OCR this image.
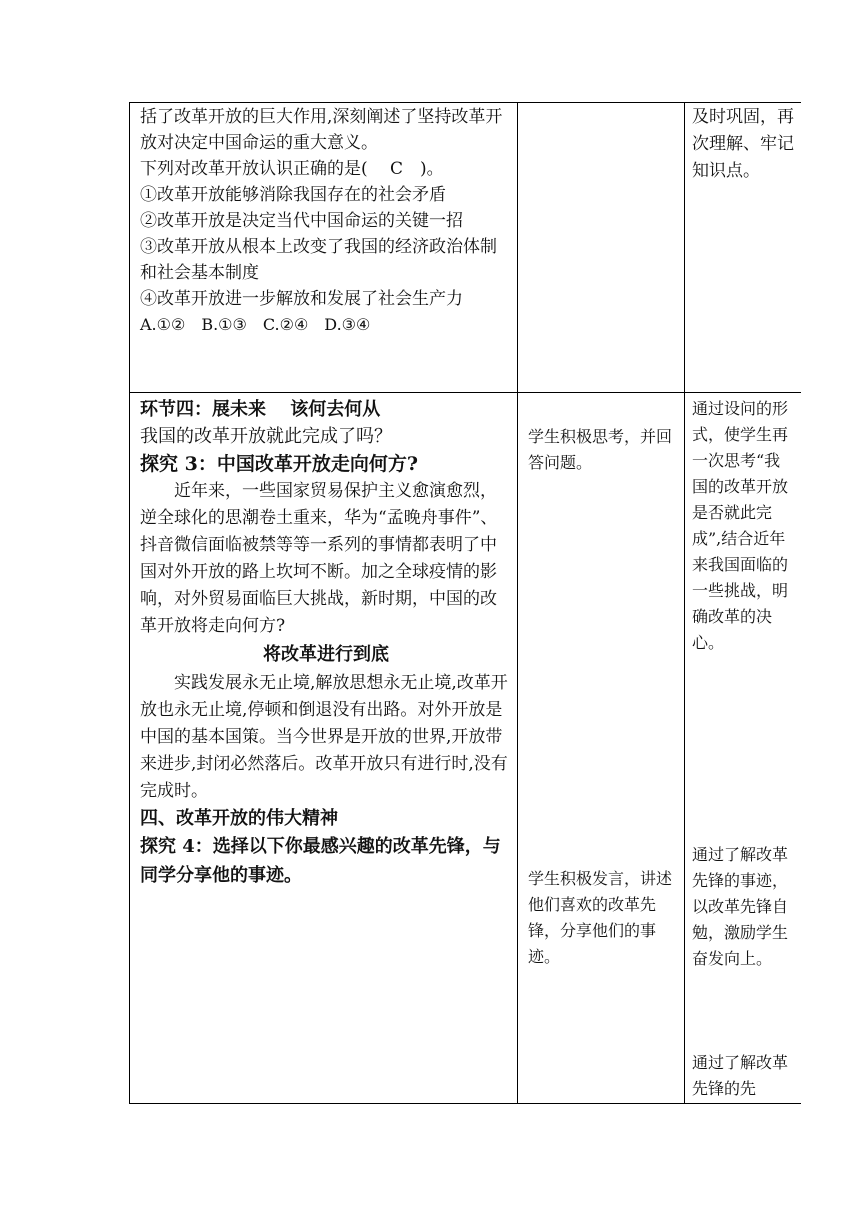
括了改革开放的巨大作用,深刻阐述了坚持改革开放对决定中国命运的重大意义。

下列对改革开放认识正确的是(　 C　)。

①改革开放能够消除我国存在的社会矛盾

②改革开放是决定当代中国命运的关键一招

③改革开放从根本上改变了我国的经济政治体制和社会基本制度

④改革开放进一步解放和发展了社会生产力

A.①②　B.①③　C.②④　D.③④

及时巩固，再次理解、牢记知识点。

环节四：展未来　 该何去何从

我国的改革开放就此完成了吗？

探究 3：中国改革开放走向何方?

近年来，一些国家贸易保护主义愈演愈烈，逆全球化的思潮卷土重来，华为“孟晚舟事件”、抖音微信面临被禁等等一系列的事情都表明了中国对外开放的路上坎坷不断。加之全球疫情的影响，对外贸易面临巨大挑战，新时期，中国的改革开放将走向何方?

将改革进行到底

实践发展永无止境,解放思想永无止境,改革开放也永无止境,停顿和倒退没有出路。对外开放是中国的基本国策。当今世界是开放的世界,开放带来进步,封闭必然落后。改革开放只有进行时,没有完成时。

四、改革开放的伟大精神

探究 4：选择以下你最感兴趣的改革先锋，与同学分享他的事迹。

学生积极思考，并回答问题。

学生积极发言，讲述他们喜欢的改革先锋，分享他们的事迹。

通过设问的形式，使学生再一次思考“我国的改革开放是否就此完成”,结合近年来我国面临的一些挑战，明确改革的决心。

通过了解改革先锋的事迹，以改革先锋自勉，激励学生奋发向上。

通过了解改革先锋的先
